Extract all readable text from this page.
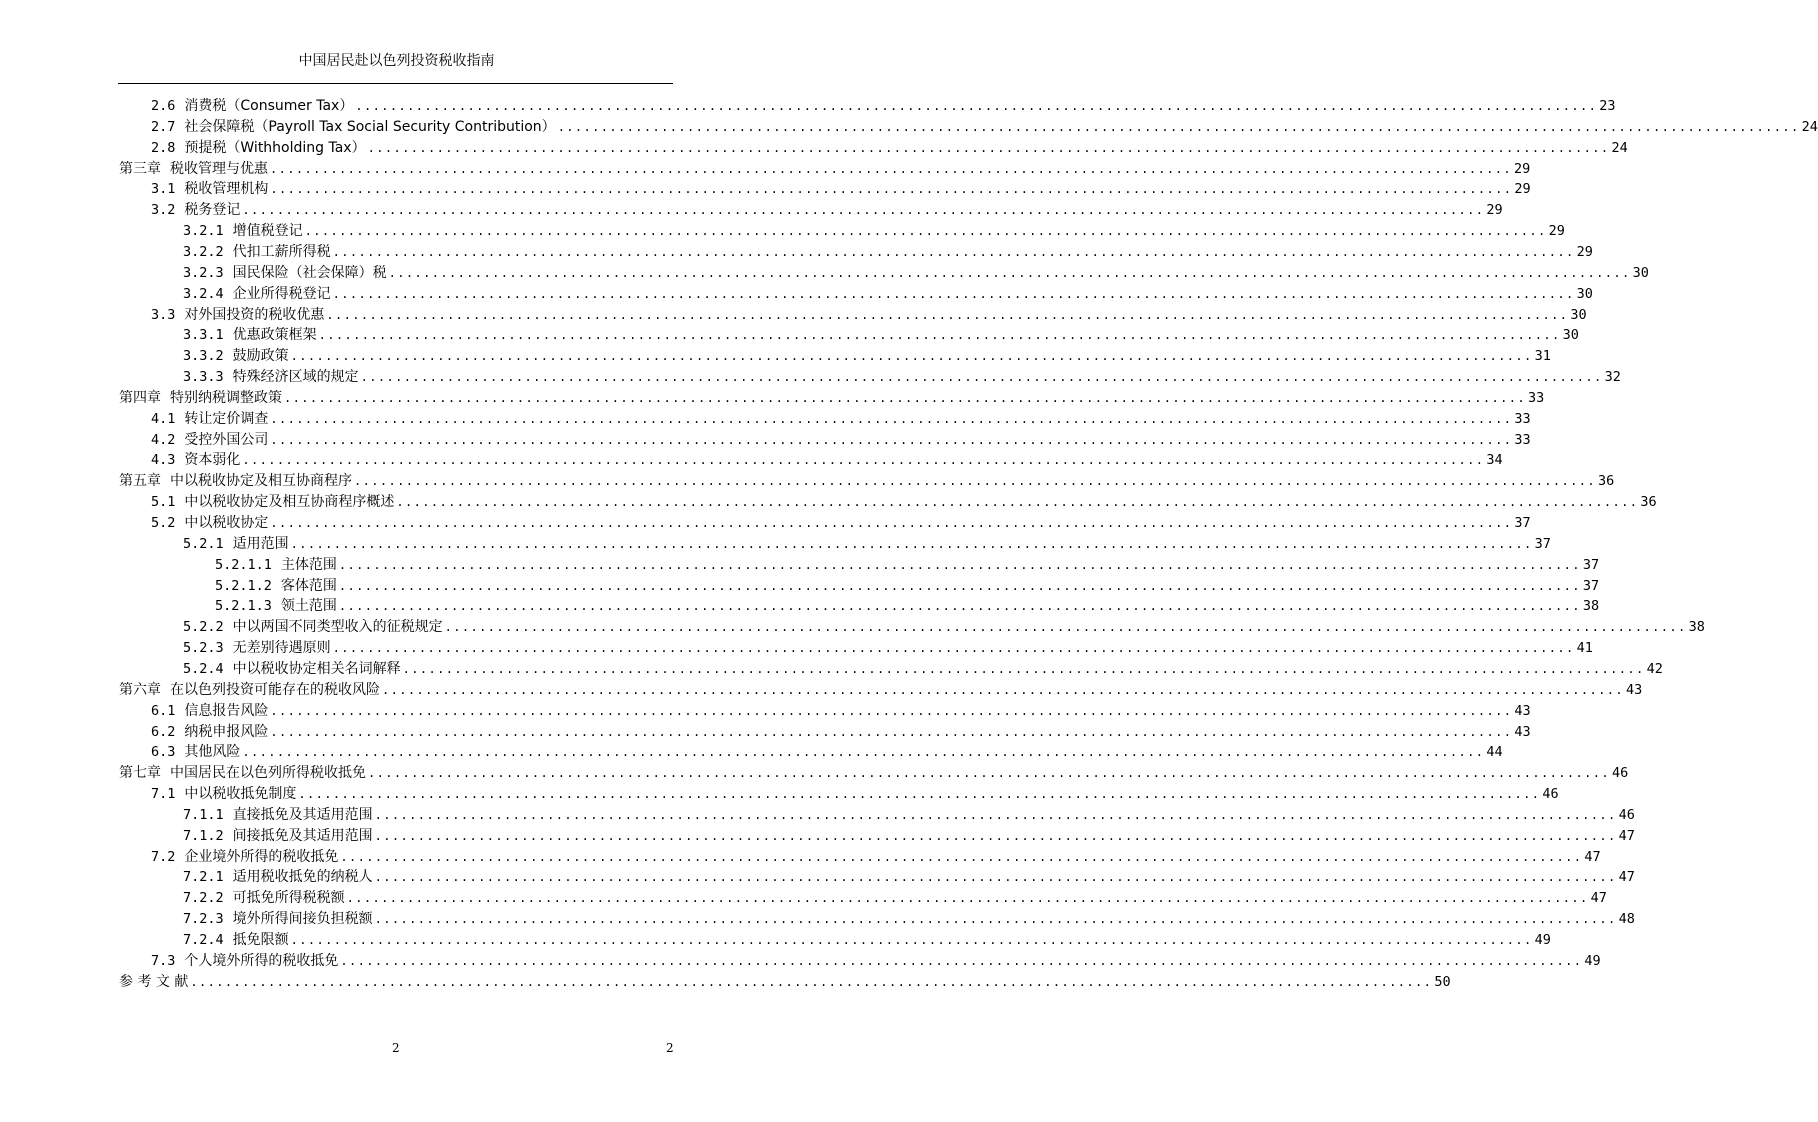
中国居民赴以色列投资税收指南
2.6 消费税（Consumer Tax） ................................................................................................................................................ 23
2.7 社会保障税（Payroll Tax Social Security Contribution） ................................................................................................................................................ 24
2.8 预提税（Withholding Tax） ................................................................................................................................................ 24
第三章 税收管理与优惠 ................................................................................................................................................ 29
3.1 税收管理机构 ................................................................................................................................................ 29
3.2 税务登记 ................................................................................................................................................ 29
3.2.1 增值税登记 ................................................................................................................................................ 29
3.2.2 代扣工薪所得税 ................................................................................................................................................ 29
3.2.3 国民保险（社会保障）税 ................................................................................................................................................ 30
3.2.4 企业所得税登记 ................................................................................................................................................ 30
3.3 对外国投资的税收优惠 ................................................................................................................................................ 30
3.3.1 优惠政策框架 ................................................................................................................................................ 30
3.3.2 鼓励政策 ................................................................................................................................................ 31
3.3.3 特殊经济区域的规定 ................................................................................................................................................ 32
第四章 特别纳税调整政策 ................................................................................................................................................ 33
4.1 转让定价调查 ................................................................................................................................................ 33
4.2 受控外国公司 ................................................................................................................................................ 33
4.3 资本弱化 ................................................................................................................................................ 34
第五章 中以税收协定及相互协商程序 ................................................................................................................................................ 36
5.1 中以税收协定及相互协商程序概述 ................................................................................................................................................ 36
5.2 中以税收协定 ................................................................................................................................................ 37
5.2.1 适用范围 ................................................................................................................................................ 37
5.2.1.1 主体范围 ................................................................................................................................................ 37
5.2.1.2 客体范围 ................................................................................................................................................ 37
5.2.1.3 领土范围 ................................................................................................................................................ 38
5.2.2 中以两国不同类型收入的征税规定 ................................................................................................................................................ 38
5.2.3 无差别待遇原则 ................................................................................................................................................ 41
5.2.4 中以税收协定相关名词解释 ................................................................................................................................................ 42
第六章 在以色列投资可能存在的税收风险 ................................................................................................................................................ 43
6.1 信息报告风险 ................................................................................................................................................ 43
6.2 纳税申报风险 ................................................................................................................................................ 43
6.3 其他风险 ................................................................................................................................................ 44
第七章 中国居民在以色列所得税收抵免 ................................................................................................................................................ 46
7.1 中以税收抵免制度 ................................................................................................................................................ 46
7.1.1 直接抵免及其适用范围 ................................................................................................................................................ 46
7.1.2 间接抵免及其适用范围 ................................................................................................................................................ 47
7.2 企业境外所得的税收抵免 ................................................................................................................................................ 47
7.2.1 适用税收抵免的纳税人 ................................................................................................................................................ 47
7.2.2 可抵免所得税税额 ................................................................................................................................................ 47
7.2.3 境外所得间接负担税额 ................................................................................................................................................ 48
7.2.4 抵免限额 ................................................................................................................................................ 49
7.3 个人境外所得的税收抵免 ................................................................................................................................................ 49
参 考 文 献 ................................................................................................................................................ 50
2	2
